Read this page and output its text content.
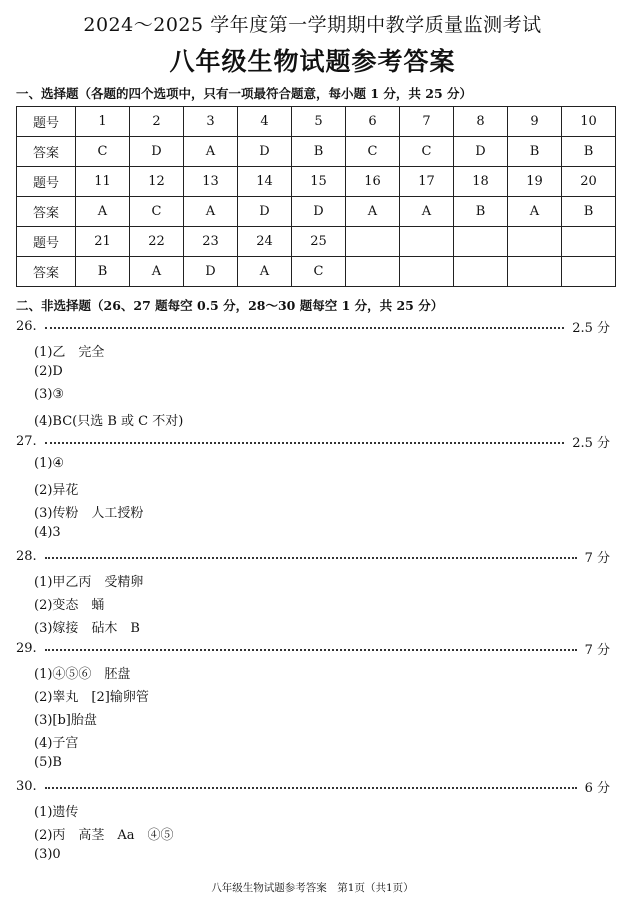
2024～2025 学年度第一学期期中教学质量监测考试
八年级生物试题参考答案
一、选择题（各题的四个选项中，只有一项最符合题意，每小题 1 分，共 25 分）
题号	1	2	3	4	5	6	7	8	9	10
答案	C	D	A	D	B	C	C	D	B	B
题号	11	12	13	14	15	16	17	18	19	20
答案	A	C	A	D	D	A	A	B	A	B
题号	21	22	23	24	25					
答案	B	A	D	A	C					
二、非选择题（26、27 题每空 0.5 分，28～30 题每空 1 分，共 25 分）
26.	2.5 分
(1)乙　完全
(2)D
(3)③
(4)BC(只选 B 或 C 不对)
27.	2.5 分
(1)④
(2)异花
(3)传粉　人工授粉
(4)3
28.	7 分
(1)甲乙丙　受精卵
(2)变态　蛹
(3)嫁接　砧木　B
29.	7 分
(1)④⑤⑥　胚盘
(2)睾丸　[2]输卵管
(3)[b]胎盘
(4)子宫
(5)B
30.	6 分
(1)遗传
(2)丙　高茎　Aa　④⑤
(3)0
八年级生物试题参考答案　第1页（共1页）
